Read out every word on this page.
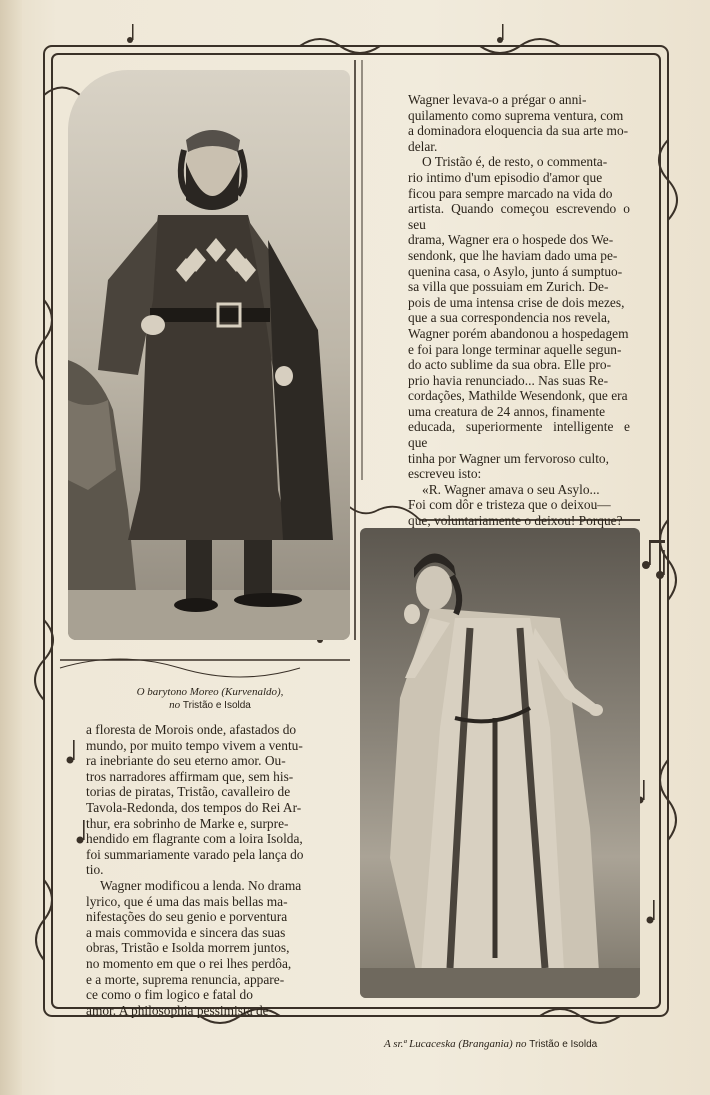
O barytono Moreo (Kurvenaldo),
no Tristão e Isolda

Wagner levava-o a prégar o anni-

quilamento como suprema ventura, com

a dominadora eloquencia da sua arte mo-

delar.

O Tristão é, de resto, o commenta-

rio intimo d'um episodio d'amor que

ficou para sempre marcado na vida do

artista. Quando começou escrevendo o seu

drama, Wagner era o hospede dos We-

sendonk, que lhe haviam dado uma pe-

quenina casa, o Asylo, junto á sumptuo-

sa villa que possuiam em Zurich. De-

pois de uma intensa crise de dois mezes,

que a sua correspondencia nos revela,

Wagner porém abandonou a hospedagem

e foi para longe terminar aquelle segun-

do acto sublime da sua obra. Elle pro-

prio havia renunciado... Nas suas Re-

cordações, Mathilde Wesendonk, que era

uma creatura de 24 annos, finamente

educada, superiormente intelligente e que

tinha por Wagner um fervoroso culto,

escreveu isto:

«R. Wagner amava o seu Asylo...

Foi com dôr e tristeza que o deixou—

que, voluntariamente o deixou! Porque?

a floresta de Morois onde, afastados do

mundo, por muito tempo vivem a ventu-

ra inebriante do seu eterno amor. Ou-

tros narradores affirmam que, sem his-

torias de piratas, Tristão, cavalleiro de

Tavola-Redonda, dos tempos do Rei Ar-

thur, era sobrinho de Marke e, surpre-

hendido em flagrante com a loira Isolda,

foi summariamente varado pela lança do

tio.

Wagner modificou a lenda. No drama

lyrico, que é uma das mais bellas ma-

nifestações do seu genio e porventura

a mais commovida e sincera das suas

obras, Tristão e Isolda morrem juntos,

no momento em que o rei lhes perdôa,

e a morte, suprema renuncia, appare-

ce como o fim logico e fatal do

amor. A philosophia pessimista de

A sr.ª Lucaceska (Brangania) no Tristão e Isolda
